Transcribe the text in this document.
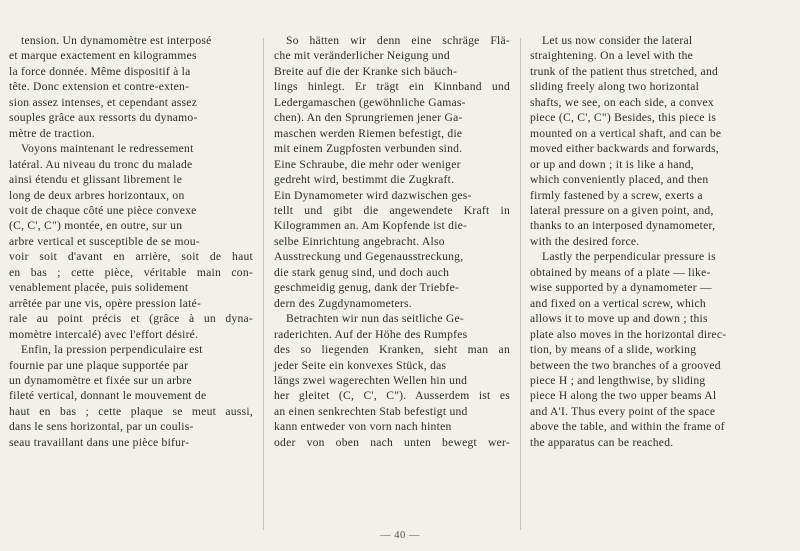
tension. Un dynamomètre est interposé
et marque exactement en kilogrammes
la force donnée. Même dispositif à la
tête. Donc extension et contre-exten-
sion assez intenses, et cependant assez
souples grâce aux ressorts du dynamo-
mètre de traction.
Voyons maintenant le redressement
latéral. Au niveau du tronc du malade
ainsi étendu et glissant librement le
long de deux arbres horizontaux, on
voit de chaque côté une pièce convexe
(C, C', C") montée, en outre, sur un
arbre vertical et susceptible de se mou-
voir soit d'avant en arrière, soit de haut
en bas ; cette pièce, véritable main con-
venablement placée, puis solidement
arrêtée par une vis, opère pression laté-
rale au point précis et (grâce à un dyna-
momètre intercalé) avec l'effort désiré.
Enfin, la pression perpendiculaire est
fournie par une plaque supportée par
un dynamomètre et fixée sur un arbre
fileté vertical, donnant le mouvement de
haut en bas ; cette plaque se meut aussi,
dans le sens horizontal, par un coulis-
seau travaillant dans une pièce bifur-
So hätten wir denn eine schräge Flä-
che mit veränderlicher Neigung und
Breite auf die der Kranke sich bäuch-
lings hinlegt. Er trägt ein Kinnband und
Ledergamaschen (gewöhnliche Gamas-
chen). An den Sprungriemen jener Ga-
maschen werden Riemen befestigt, die
mit einem Zugpfosten verbunden sind.
Eine Schraube, die mehr oder weniger
gedreht wird, bestimmt die Zugkraft.
Ein Dynamometer wird dazwischen ges-
tellt und gibt die angewendete Kraft in
Kilogrammen an. Am Kopfende ist die-
selbe Einrichtung angebracht. Also
Ausstreckung und Gegenausstreckung,
die stark genug sind, und doch auch
geschmeidig genug, dank der Triebfe-
dern des Zugdynamometers.
Betrachten wir nun das seitliche Ge-
raderichten. Auf der Höhe des Rumpfes
des so liegenden Kranken, sieht man an
jeder Seite ein konvexes Stück, das
längs zwei wagerechten Wellen hin und
her gleitet (C, C', C"). Ausserdem ist es
an einen senkrechten Stab befestigt und
kann entweder von vorn nach hinten
oder von oben nach unten bewegt wer-
Let us now consider the lateral
straightening. On a level with the
trunk of the patient thus stretched, and
sliding freely along two horizontal
shafts, we see, on each side, a convex
piece (C, C', C") Besides, this piece is
mounted on a vertical shaft, and can be
moved either backwards and forwards,
or up and down ; it is like a hand,
which conveniently placed, and then
firmly fastened by a screw, exerts a
lateral pressure on a given point, and,
thanks to an interposed dynamometer,
with the desired force.
Lastly the perpendicular pressure is
obtained by means of a plate — like-
wise supported by a dynamometer —
and fixed on a vertical screw, which
allows it to move up and down ; this
plate also moves in the horizontal direc-
tion, by means of a slide, working
between the two branches of a grooved
piece H ; and lengthwise, by sliding
piece H along the two upper beams Al
and A'I. Thus every point of the space
above the table, and within the frame of
the apparatus can be reached.
— 40 —
